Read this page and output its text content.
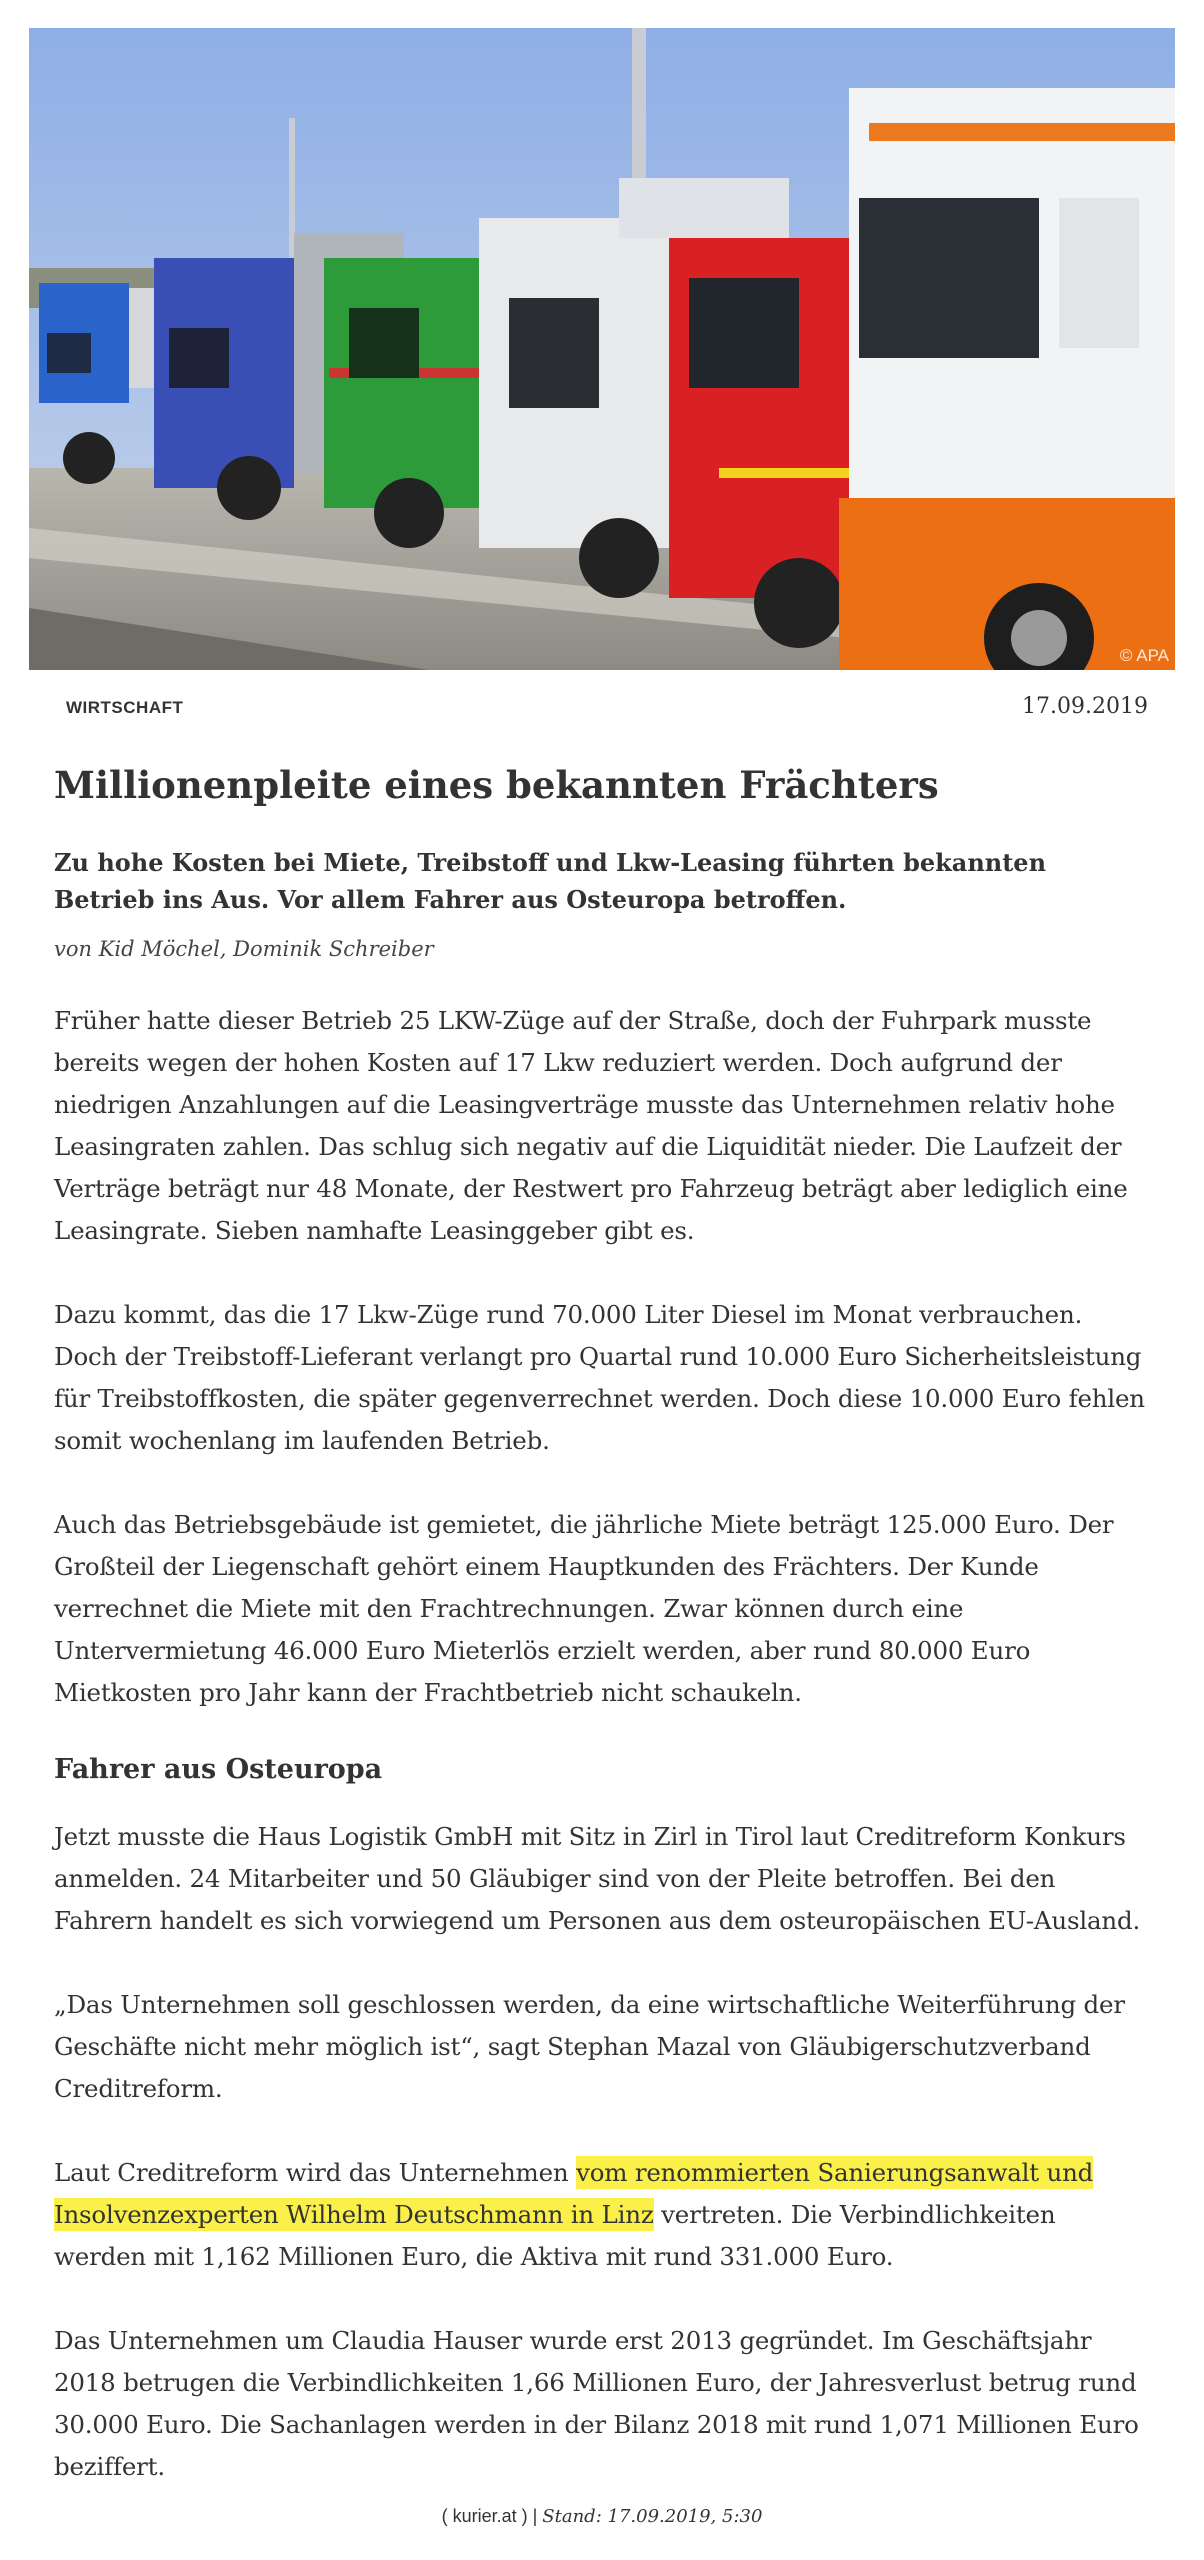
© APA
WIRTSCHAFT	17.09.2019
Millionenpleite eines bekannten Frächters

Zu hohe Kosten bei Miete, Treibstoff und Lkw-Leasing führten bekannten Betrieb ins Aus. Vor allem Fahrer aus Osteuropa betroffen.

von Kid Möchel, Dominik Schreiber

Früher hatte dieser Betrieb 25 LKW-Züge auf der Straße, doch der Fuhrpark musste bereits wegen der hohen Kosten auf 17 Lkw reduziert werden. Doch aufgrund der niedrigen Anzahlungen auf die Leasingverträge musste das Unternehmen relativ hohe Leasingraten zahlen. Das schlug sich negativ auf die Liquidität nieder. Die Laufzeit der Verträge beträgt nur 48 Monate, der Restwert pro Fahrzeug beträgt aber lediglich eine Leasingrate. Sieben namhafte Leasinggeber gibt es.

Dazu kommt, das die 17 Lkw-Züge rund 70.000 Liter Diesel im Monat verbrauchen. Doch der Treibstoff-Lieferant verlangt pro Quartal rund 10.000 Euro Sicherheitsleistung für Treibstoffkosten, die später gegenverrechnet werden. Doch diese 10.000 Euro fehlen somit wochenlang im laufenden Betrieb.

Auch das Betriebsgebäude ist gemietet, die jährliche Miete beträgt 125.000 Euro. Der Großteil der Liegenschaft gehört einem Hauptkunden des Frächters. Der Kunde verrechnet die Miete mit den Frachtrechnungen. Zwar können durch eine Untervermietung 46.000 Euro Mieterlös erzielt werden, aber rund 80.000 Euro Mietkosten pro Jahr kann der Frachtbetrieb nicht schaukeln.

Fahrer aus Osteuropa

Jetzt musste die Haus Logistik GmbH mit Sitz in Zirl in Tirol laut Creditreform Konkurs anmelden. 24 Mitarbeiter und 50 Gläubiger sind von der Pleite betroffen. Bei den Fahrern handelt es sich vorwiegend um Personen aus dem osteuropäischen EU-Ausland.

„Das Unternehmen soll geschlossen werden, da eine wirtschaftliche Weiterführung der Geschäfte nicht mehr möglich ist“, sagt Stephan Mazal von Gläubigerschutzverband Creditreform.

Laut Creditreform wird das Unternehmen vom renommierten Sanierungsanwalt und Insolvenzexperten Wilhelm Deutschmann in Linz vertreten. Die Verbindlichkeiten werden mit 1,162 Millionen Euro, die Aktiva mit rund 331.000 Euro.

Das Unternehmen um Claudia Hauser wurde erst 2013 gegründet. Im Geschäftsjahr 2018 betrugen die Verbindlichkeiten 1,66 Millionen Euro, der Jahresverlust betrug rund 30.000 Euro. Die Sachanlagen werden in der Bilanz 2018 mit rund 1,071 Millionen Euro beziffert.

( kurier.at ) | Stand: 17.09.2019, 5:30
